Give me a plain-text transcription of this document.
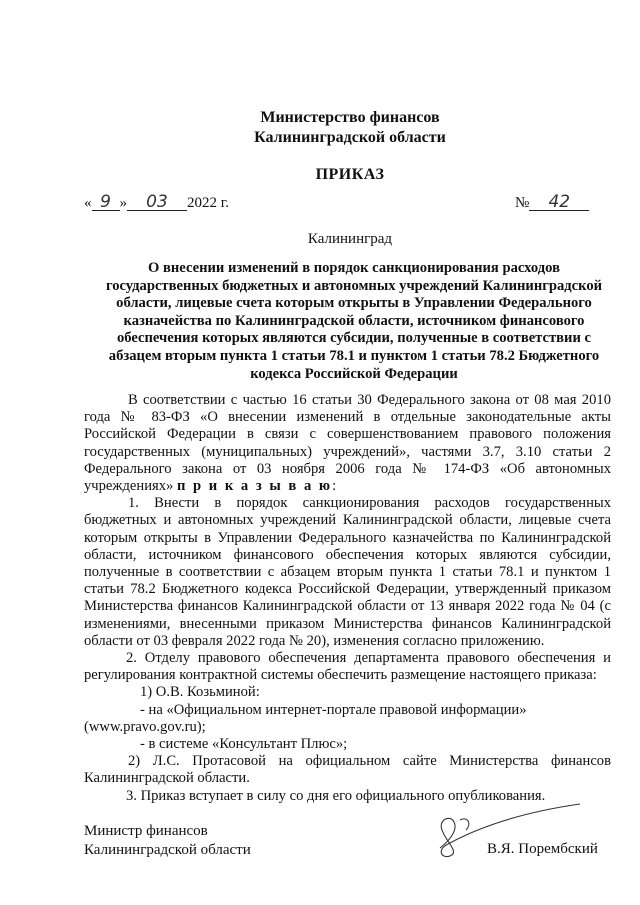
Министерство финансов
Калининградской области
ПРИКАЗ
« 9 » 03 2022 г.	№ 42
Калининград
О внесении изменений в порядок санкционирования расходов государственных бюджетных и автономных учреждений Калининградской области, лицевые счета которым открыты в Управлении Федерального казначейства по Калининградской области, источником финансового обеспечения которых являются субсидии, полученные в соответствии с абзацем вторым пункта 1 статьи 78.1 и пунктом 1 статьи 78.2 Бюджетного кодекса Российской Федерации

В соответствии с частью 16 статьи 30 Федерального закона от 08 мая 2010 года № 83-ФЗ «О внесении изменений в отдельные законодательные акты Российской Федерации в связи с совершенствованием правового положения государственных (муниципальных) учреждений», частями 3.7, 3.10 статьи 2 Федерального закона от 03 ноября 2006 года № 174-ФЗ «Об автономных учреждениях» п р и к а з ы в а ю:

1. Внести в порядок санкционирования расходов государственных бюджетных и автономных учреждений Калининградской области, лицевые счета которым открыты в Управлении Федерального казначейства по Калининградской области, источником финансового обеспечения которых являются субсидии, полученные в соответствии с абзацем вторым пункта 1 статьи 78.1 и пунктом 1 статьи 78.2 Бюджетного кодекса Российской Федерации, утвержденный приказом Министерства финансов Калининградской области от 13 января 2022 года № 04 (с изменениями, внесенными приказом Министерства финансов Калининградской области от 03 февраля 2022 года № 20), изменения согласно приложению.

2. Отделу правового обеспечения департамента правового обеспечения и регулирования контрактной системы обеспечить размещение настоящего приказа:

1) О.В. Козьминой:

- на «Официальном интернет-портале правовой информации»

(www.pravo.gov.ru);

- в системе «Консультант Плюс»;

2) Л.С. Протасовой на официальном сайте Министерства финансов Калининградской области.

3. Приказ вступает в силу со дня его официального опубликования.

Министр финансов
Калининградской области	В.Я. Порембский
